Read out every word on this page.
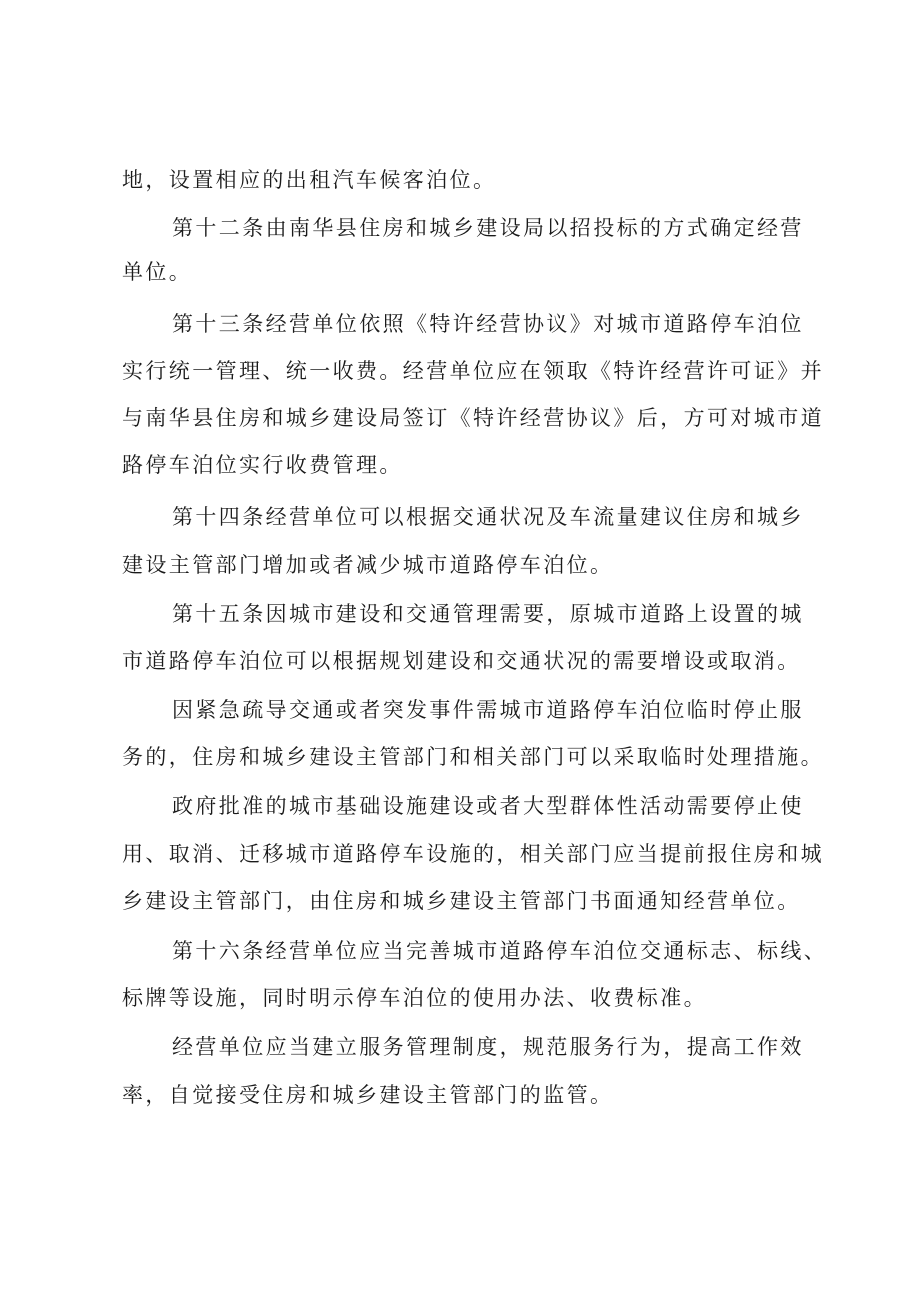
地，设置相应的出租汽车候客泊位。
第十二条由南华县住房和城乡建设局以招投标的方式确定经营
单位。
第十三条经营单位依照《特许经营协议》对城市道路停车泊位
实行统一管理、统一收费。经营单位应在领取《特许经营许可证》并
与南华县住房和城乡建设局签订《特许经营协议》后，方可对城市道
路停车泊位实行收费管理。
第十四条经营单位可以根据交通状况及车流量建议住房和城乡
建设主管部门增加或者减少城市道路停车泊位。
第十五条因城市建设和交通管理需要，原城市道路上设置的城
市道路停车泊位可以根据规划建设和交通状况的需要增设或取消。
因紧急疏导交通或者突发事件需城市道路停车泊位临时停止服
务的，住房和城乡建设主管部门和相关部门可以采取临时处理措施。
政府批准的城市基础设施建设或者大型群体性活动需要停止使
用、取消、迁移城市道路停车设施的，相关部门应当提前报住房和城
乡建设主管部门，由住房和城乡建设主管部门书面通知经营单位。
第十六条经营单位应当完善城市道路停车泊位交通标志、标线、
标牌等设施，同时明示停车泊位的使用办法、收费标准。
经营单位应当建立服务管理制度，规范服务行为，提高工作效
率，自觉接受住房和城乡建设主管部门的监管。
